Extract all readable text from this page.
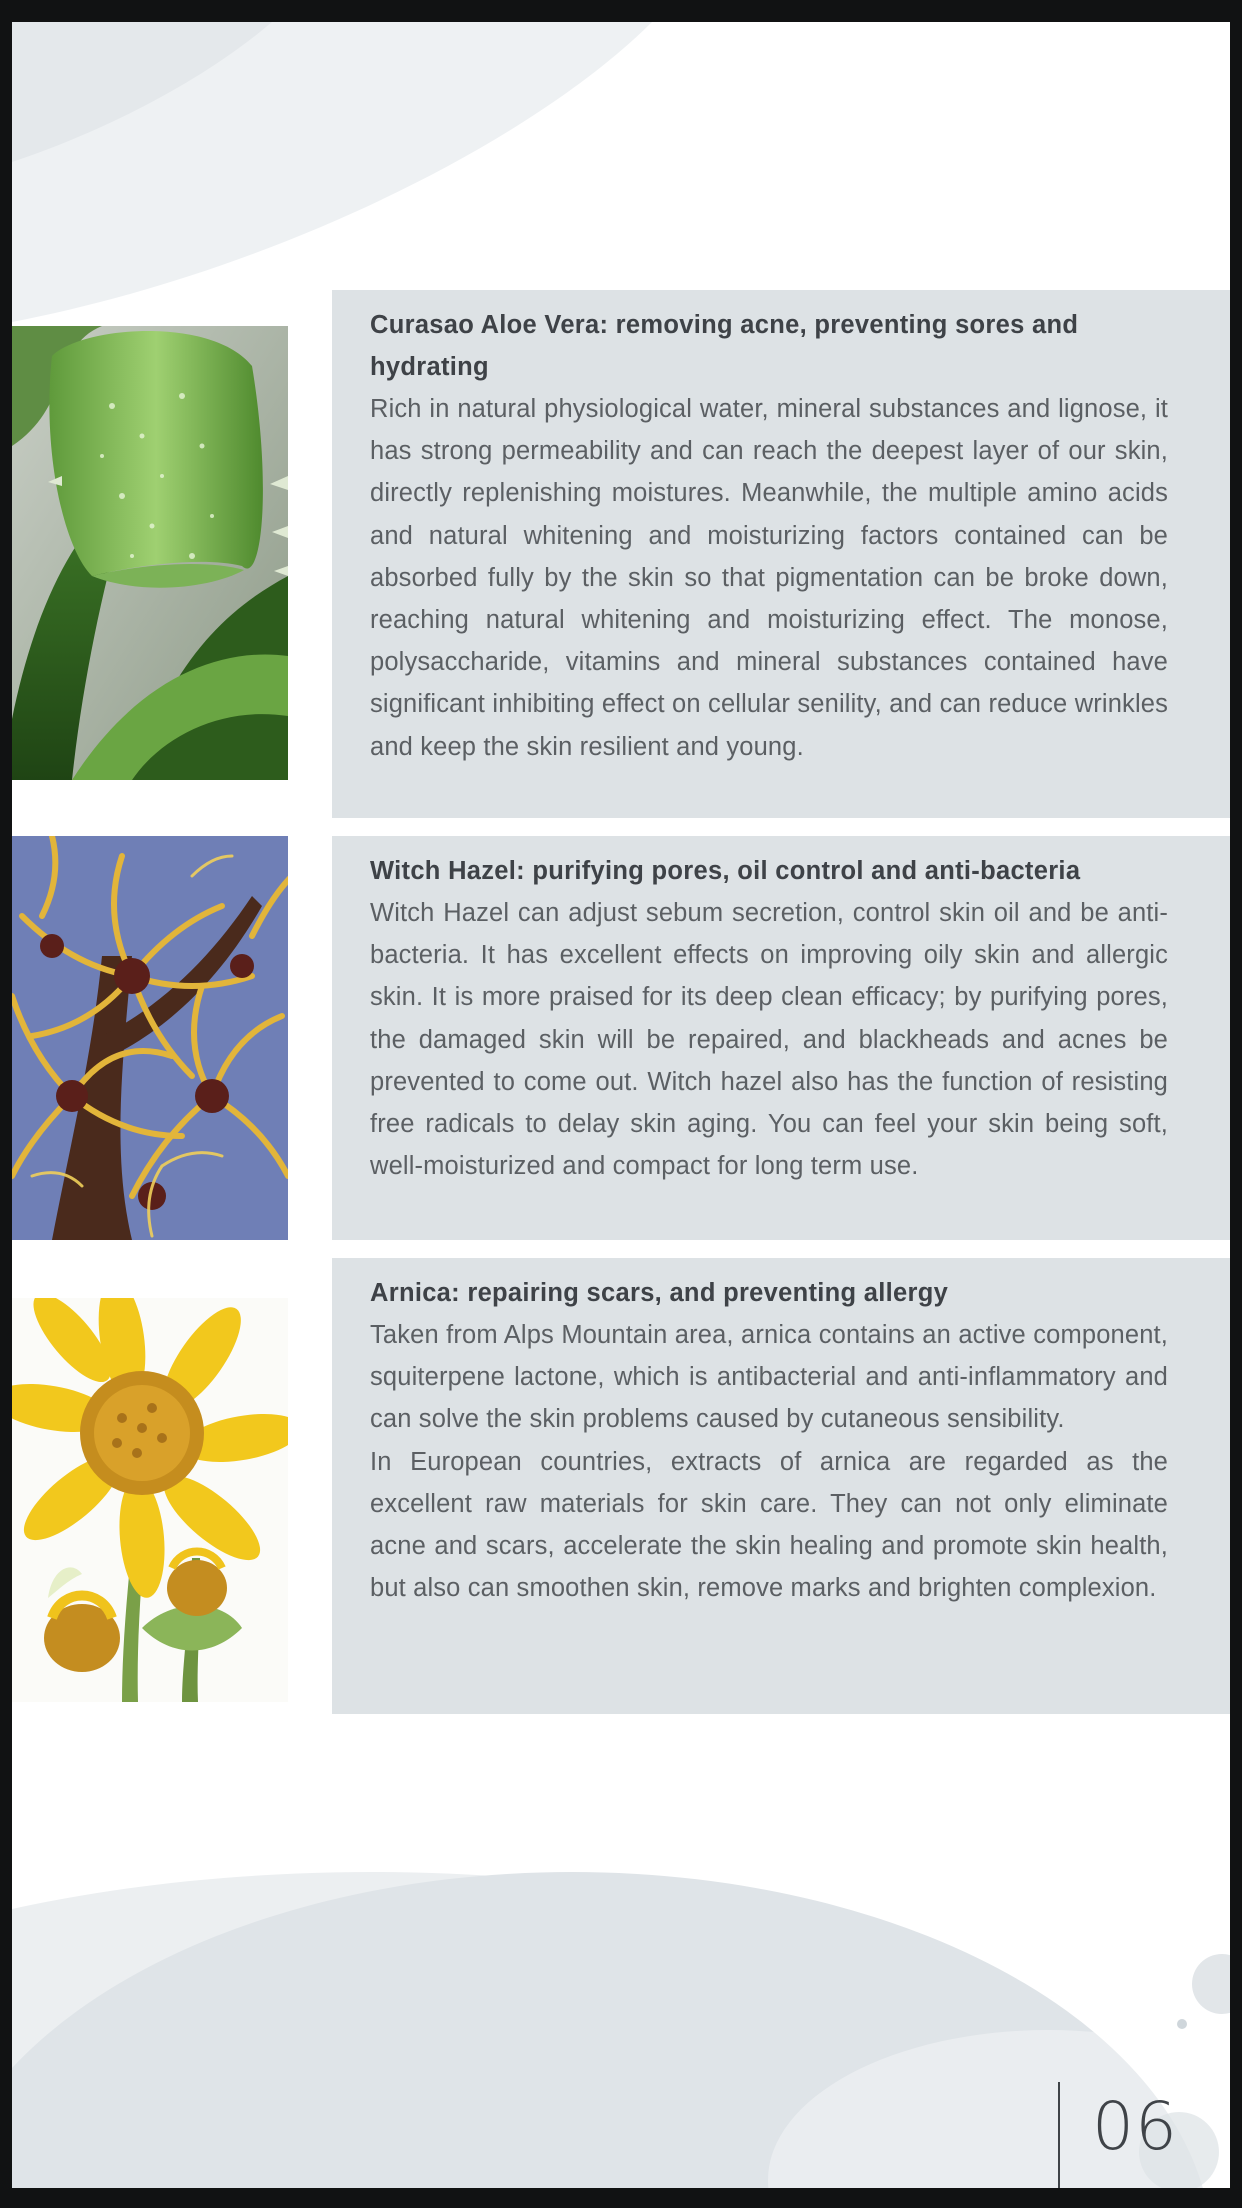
Curasao Aloe Vera: removing acne, preventing sores and hydrating

Rich in natural physiological water, mineral substances and lignose, it has strong permeability and can reach the deepest layer of our skin, directly replenishing moistures. Meanwhile, the multiple amino acids and natural whitening and moisturizing factors contained can be absorbed fully by the skin so that pigmentation can be broke down, reaching natural whitening and moisturizing effect. The monose, polysaccharide, vitamins and mineral substances contained have significant inhibiting effect on cellular senility, and can reduce wrinkles and keep the skin resilient and young.

Witch Hazel: purifying pores, oil control and anti-bacteria

Witch Hazel can adjust sebum secretion, control skin oil and be anti-bacteria. It has excellent effects on improving oily skin and allergic skin. It is more praised for its deep clean efficacy; by purifying pores, the damaged skin will be repaired, and blackheads and acnes be prevented to come out. Witch hazel also has the function of resisting free radicals to delay skin aging. You can feel your skin being soft, well-moisturized and compact for long term use.

Arnica: repairing scars, and preventing allergy

Taken from Alps Mountain area, arnica contains an active component, squiterpene lactone, which is antibacterial and anti-inflammatory and can solve the skin problems caused by cutaneous sensibility.

In European countries, extracts of arnica are regarded as the excellent raw materials for skin care. They can not only eliminate acne and scars, accelerate the skin healing and promote skin health, but also can smoothen skin, remove marks and brighten complexion.

06
